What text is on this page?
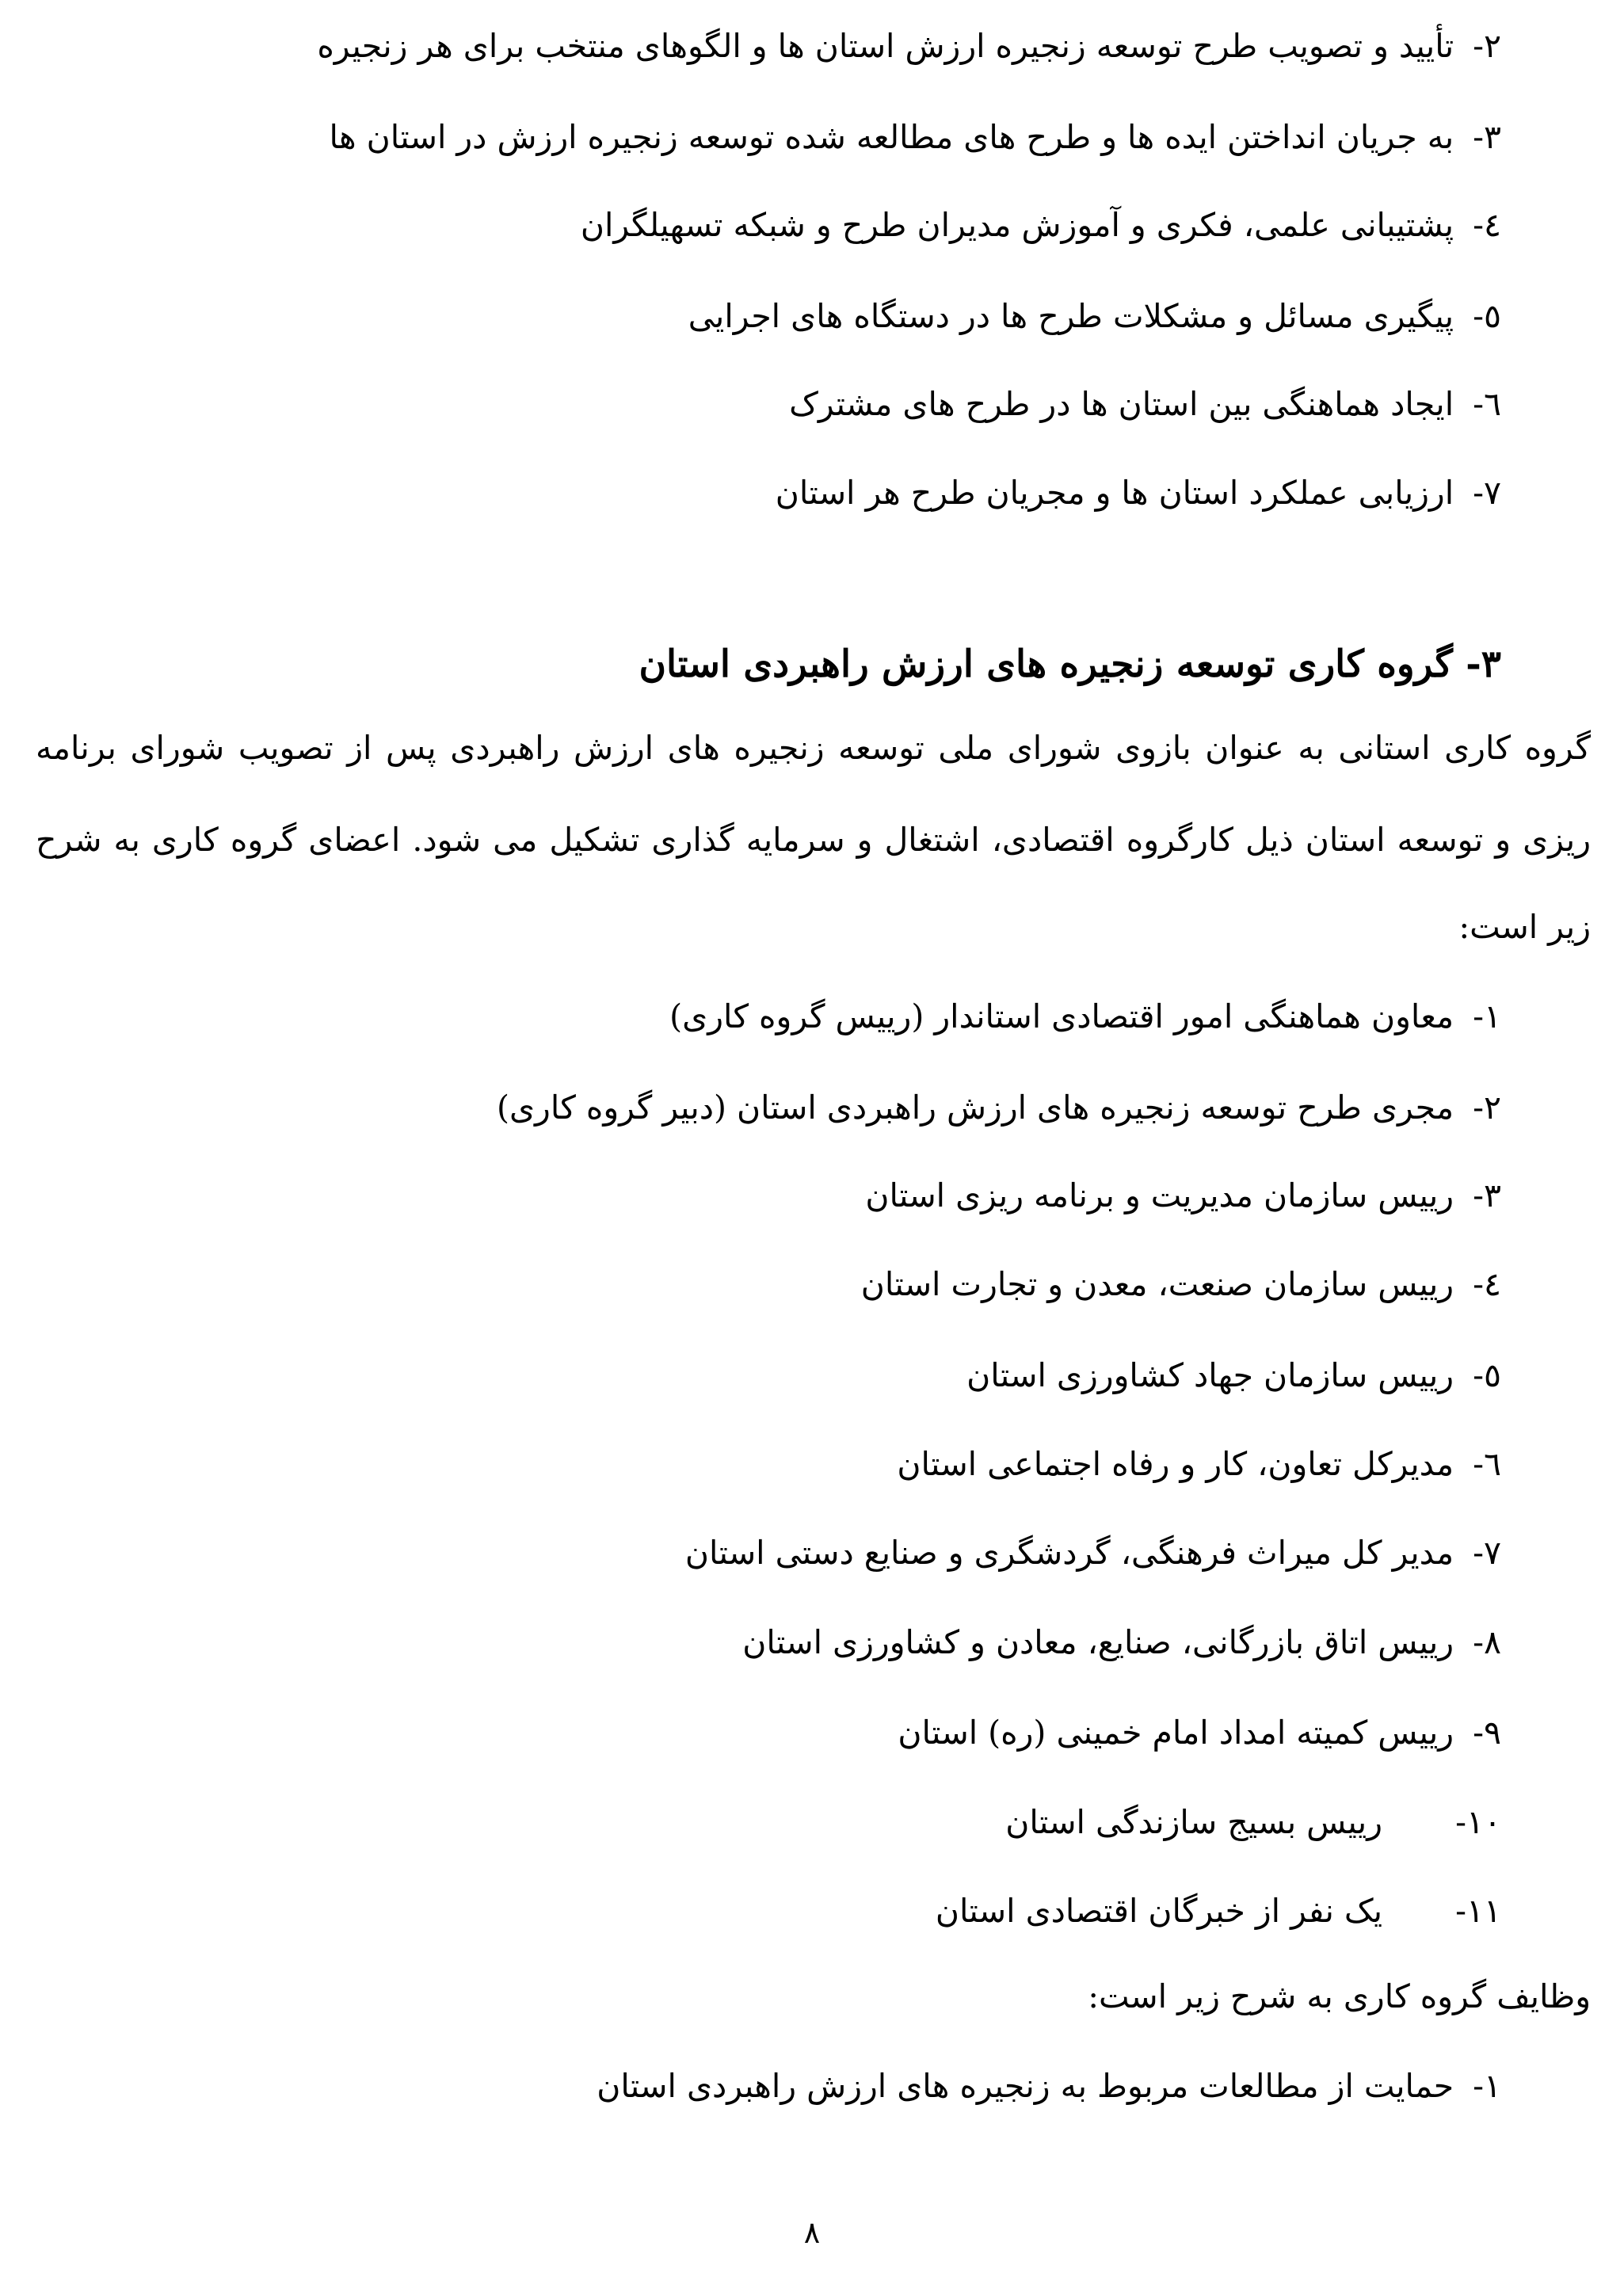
۲-تأیید و تصویب طرح توسعه زنجیره ارزش استان ها و الگوهای منتخب برای هر زنجیره
۳-به جریان انداختن ایده ها و طرح های مطالعه شده توسعه زنجیره ارزش در استان ها
٤-پشتیبانی علمی، فکری و آموزش مدیران طرح و شبکه تسهیلگران
٥-پیگیری مسائل و مشکلات طرح ها در دستگاه های اجرایی
٦-ایجاد هماهنگی بین استان ها در طرح های مشترک
٧-ارزیابی عملکرد استان ها و مجریان طرح هر استان
۳- گروه کاری توسعه زنجیره های ارزش راهبردی استان
گروه کاری استانی به عنوان بازوی شورای ملی توسعه زنجیره های ارزش راهبردی پس از تصویب شورای برنامه
ریزی و توسعه استان ذیل کارگروه اقتصادی، اشتغال و سرمایه گذاری تشکیل می شود. اعضای گروه کاری به شرح
زیر است:
۱-معاون هماهنگی امور اقتصادی استاندار (رییس گروه کاری)
۲-مجری طرح توسعه زنجیره های ارزش راهبردی استان (دبیر گروه کاری)
۳-رییس سازمان مدیریت و برنامه ریزی استان
٤-رییس سازمان صنعت، معدن و تجارت استان
٥-رییس سازمان جهاد کشاورزی استان
٦-مدیرکل تعاون، کار و رفاه اجتماعی استان
٧-مدیر کل میراث فرهنگی، گردشگری و صنایع دستی استان
٨-رییس اتاق بازرگانی، صنایع، معادن و کشاورزی استان
٩-رییس کمیته امداد امام خمینی (ره) استان
۱۰-رییس بسیج سازندگی استان
۱۱-یک نفر از خبرگان اقتصادی استان
وظایف گروه کاری به شرح زیر است:
۱-حمایت از مطالعات مربوط به زنجیره های ارزش راهبردی استان
۸
